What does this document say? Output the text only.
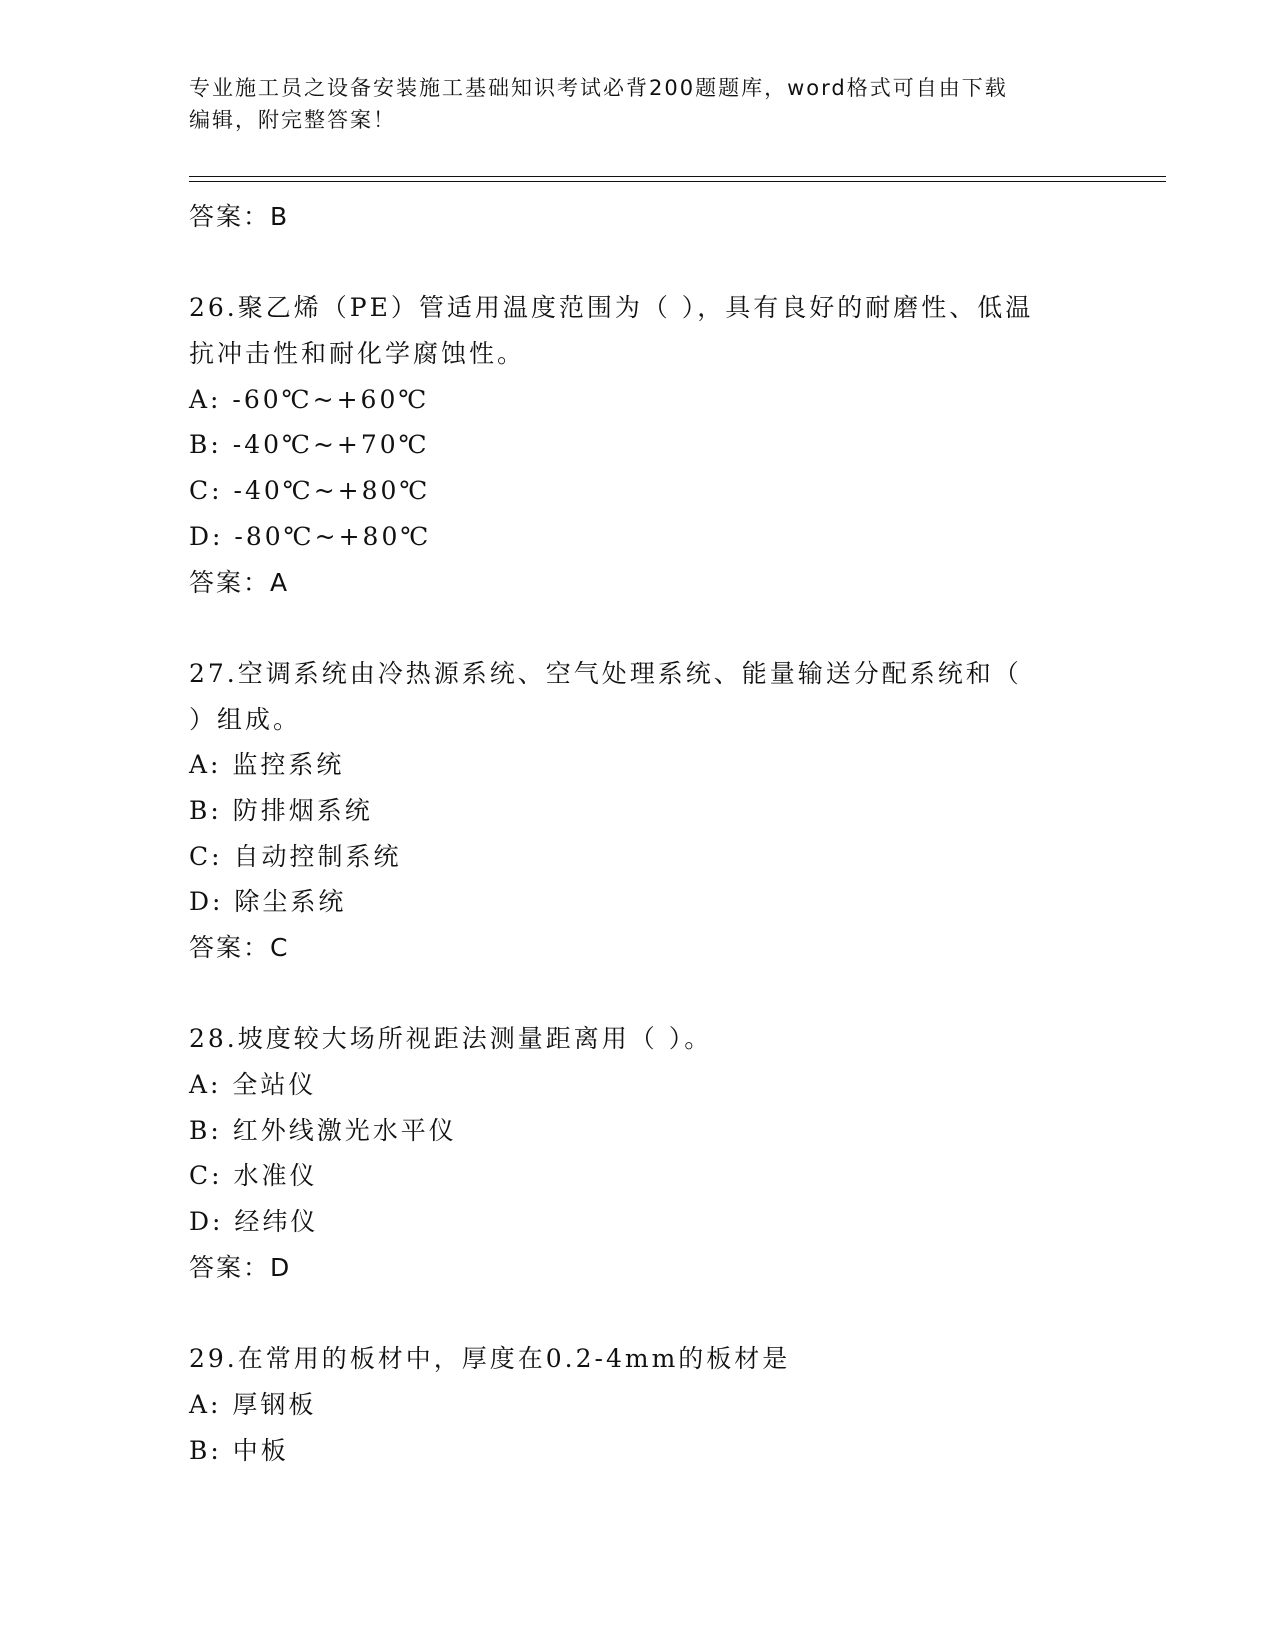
专业施工员之设备安装施工基础知识考试必背200题题库，word格式可自由下载
编辑，附完整答案！
答案：B
26.聚乙烯（PE）管适用温度范围为（ ），具有良好的耐磨性、低温
抗冲击性和耐化学腐蚀性。
A: -60℃~+60℃
B: -40℃~+70℃
C: -40℃~+80℃
D: -80℃~+80℃
答案：A
27.空调系统由冷热源系统、空气处理系统、能量输送分配系统和（
）组成。
A: 监控系统
B: 防排烟系统
C: 自动控制系统
D: 除尘系统
答案：C
28.坡度较大场所视距法测量距离用（ ）。
A: 全站仪
B: 红外线激光水平仪
C: 水准仪
D: 经纬仪
答案：D
29.在常用的板材中，厚度在0.2-4mm的板材是
A: 厚钢板
B: 中板
